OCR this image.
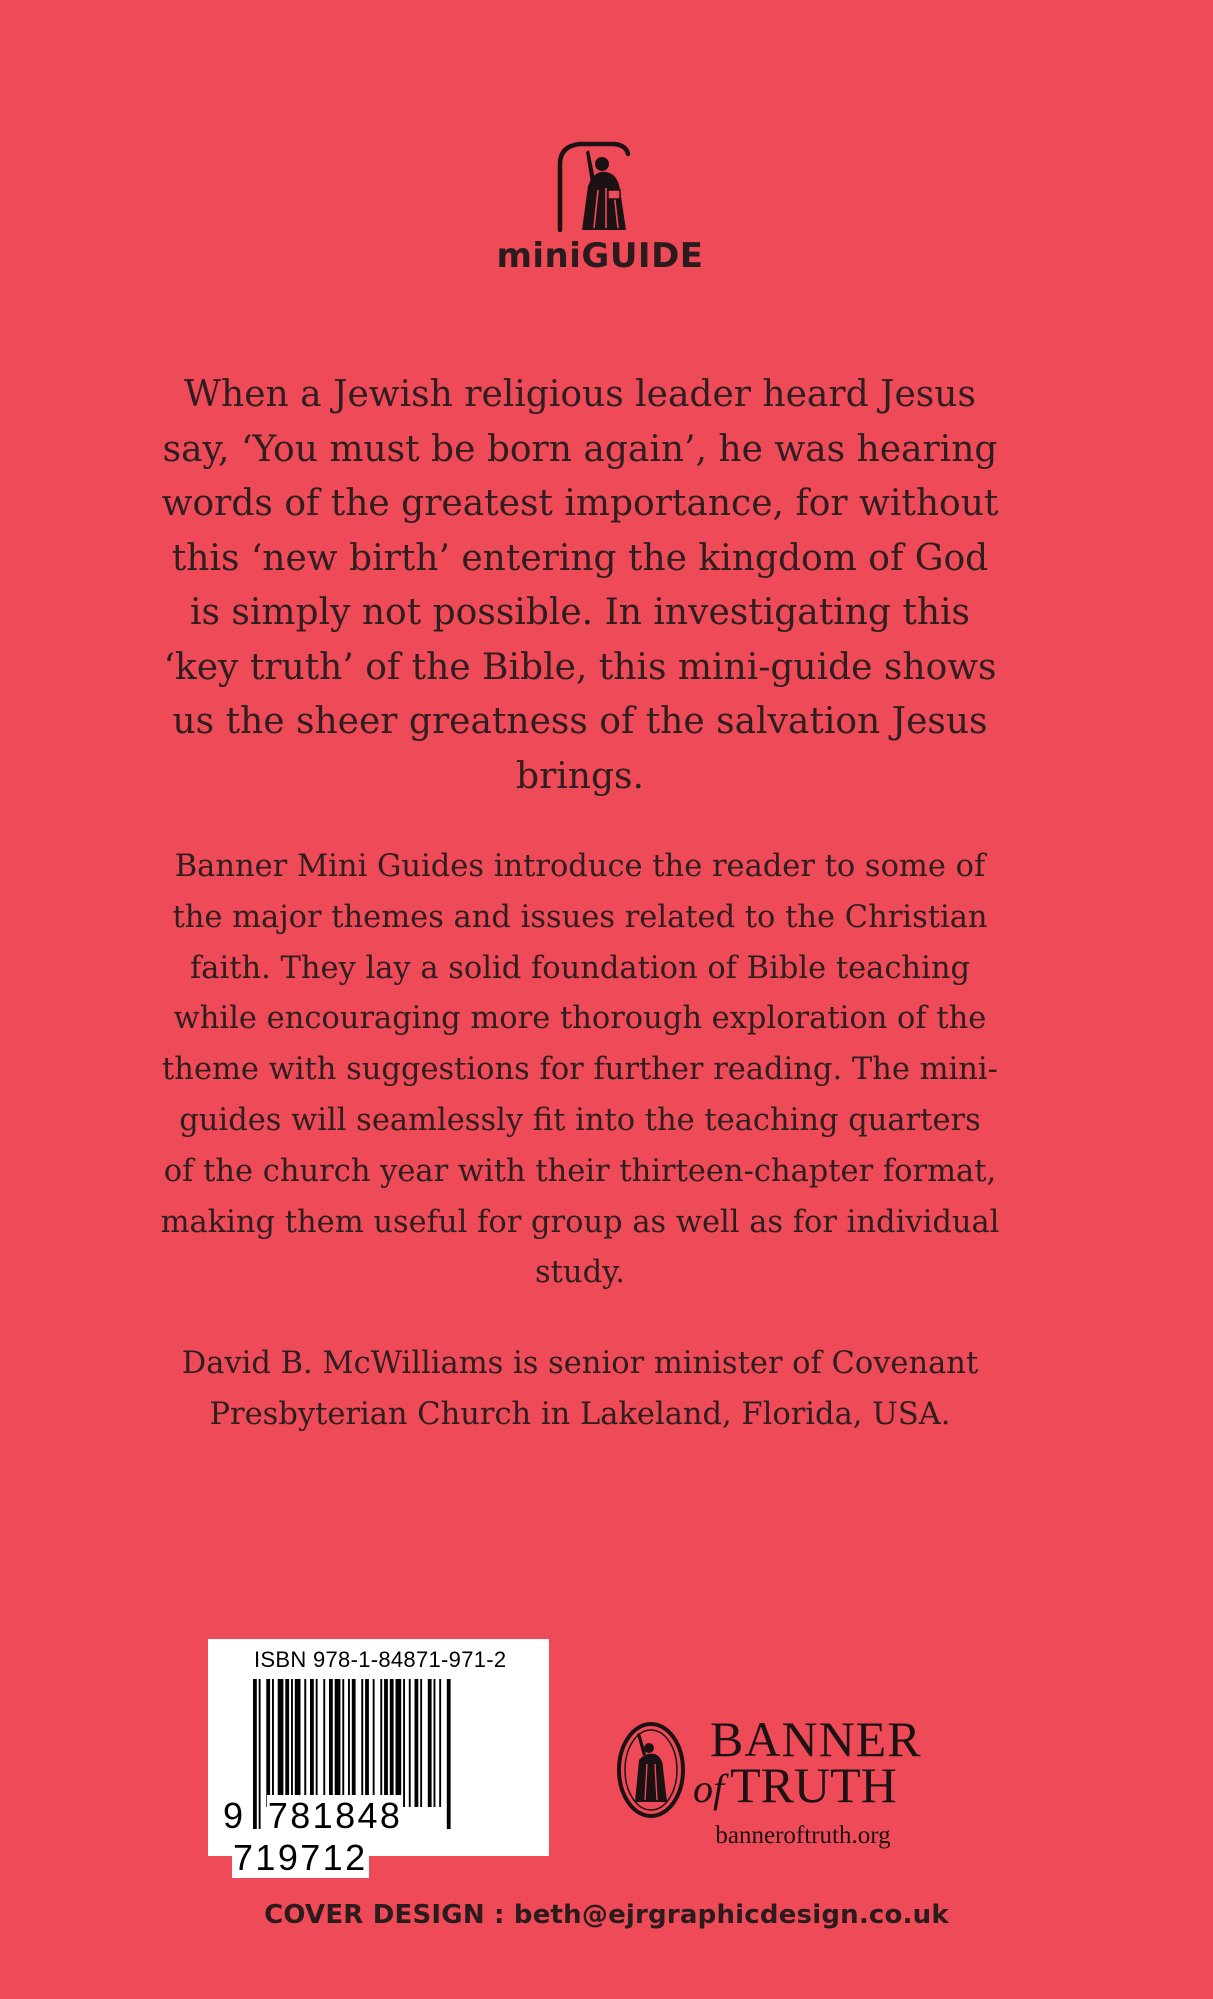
miniGUIDE
When a Jewish religious leader heard Jesus say, ‘You must be born again’, he was hearing words of the greatest importance, for without this ‘new birth’ entering the kingdom of God is simply not possible. In investigating this ‘key truth’ of the Bible, this mini-guide shows us the sheer greatness of the salvation Jesus brings.
Banner Mini Guides introduce the reader to some of the major themes and issues related to the Christian faith. They lay a solid foundation of Bible teaching while encouraging more thorough exploration of the theme with suggestions for further reading. The mini-guides will seamlessly fit into the teaching quarters of the church year with their thirteen-chapter format, making them useful for group as well as for individual study.
David B. McWilliams is senior minister of Covenant Presbyterian Church in Lakeland, Florida, USA.
ISBN 978-1-84871-971-2
9 781848 719712
BANNER
of TRUTH
banneroftruth.org
COVER DESIGN : beth@ejrgraphicdesign.co.uk
